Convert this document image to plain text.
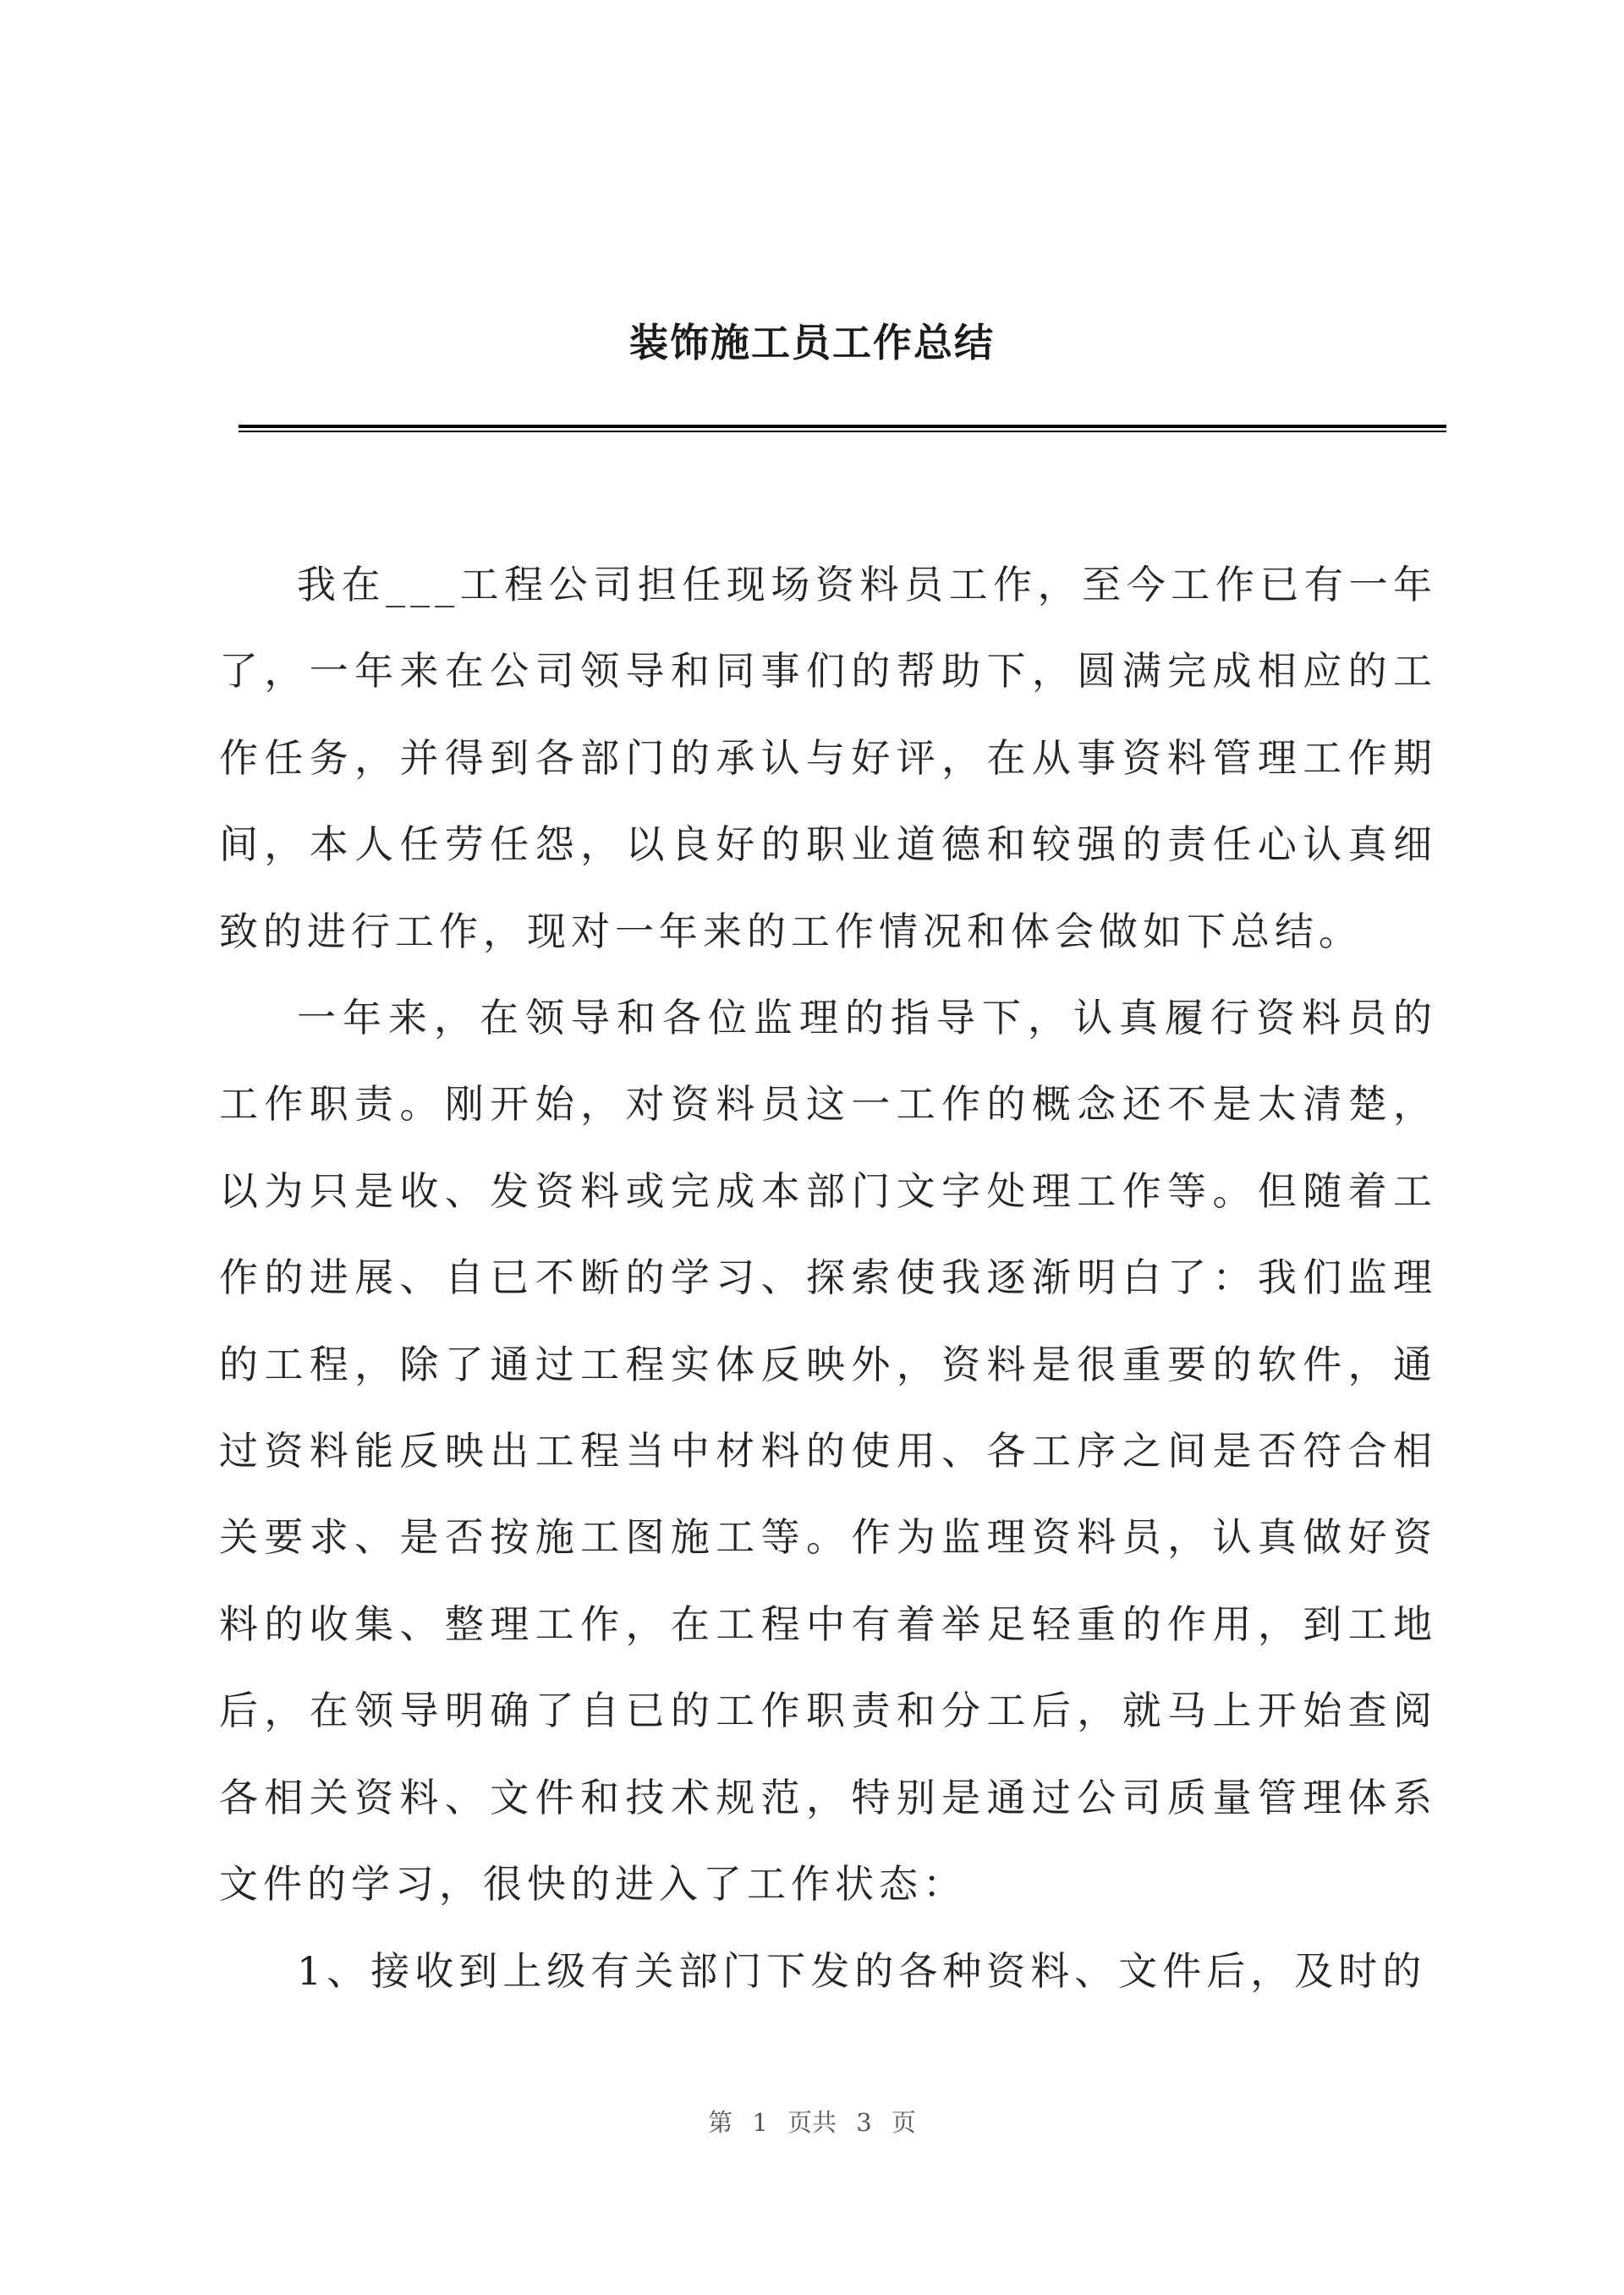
装饰施工员工作总结

我在___工程公司担任现场资料员工作，至今工作已有一年了，一年来在公司领导和同事们的帮助下，圆满完成相应的工作任务，并得到各部门的承认与好评，在从事资料管理工作期间，本人任劳任怨，以良好的职业道德和较强的责任心认真细致的进行工作，现对一年来的工作情况和体会做如下总结。

一年来，在领导和各位监理的指导下，认真履行资料员的工作职责。刚开始，对资料员这一工作的概念还不是太清楚，以为只是收、发资料或完成本部门文字处理工作等。但随着工作的进展、自已不断的学习、探索使我逐渐明白了：我们监理的工程，除了通过工程实体反映外，资料是很重要的软件，通过资料能反映出工程当中材料的使用、各工序之间是否符合相关要求、是否按施工图施工等。作为监理资料员，认真做好资料的收集、整理工作，在工程中有着举足轻重的作用，到工地后，在领导明确了自已的工作职责和分工后，就马上开始查阅各相关资料、文件和技术规范，特别是通过公司质量管理体系文件的学习，很快的进入了工作状态：

1、接收到上级有关部门下发的各种资料、文件后，及时的

第 1 页共 3 页
